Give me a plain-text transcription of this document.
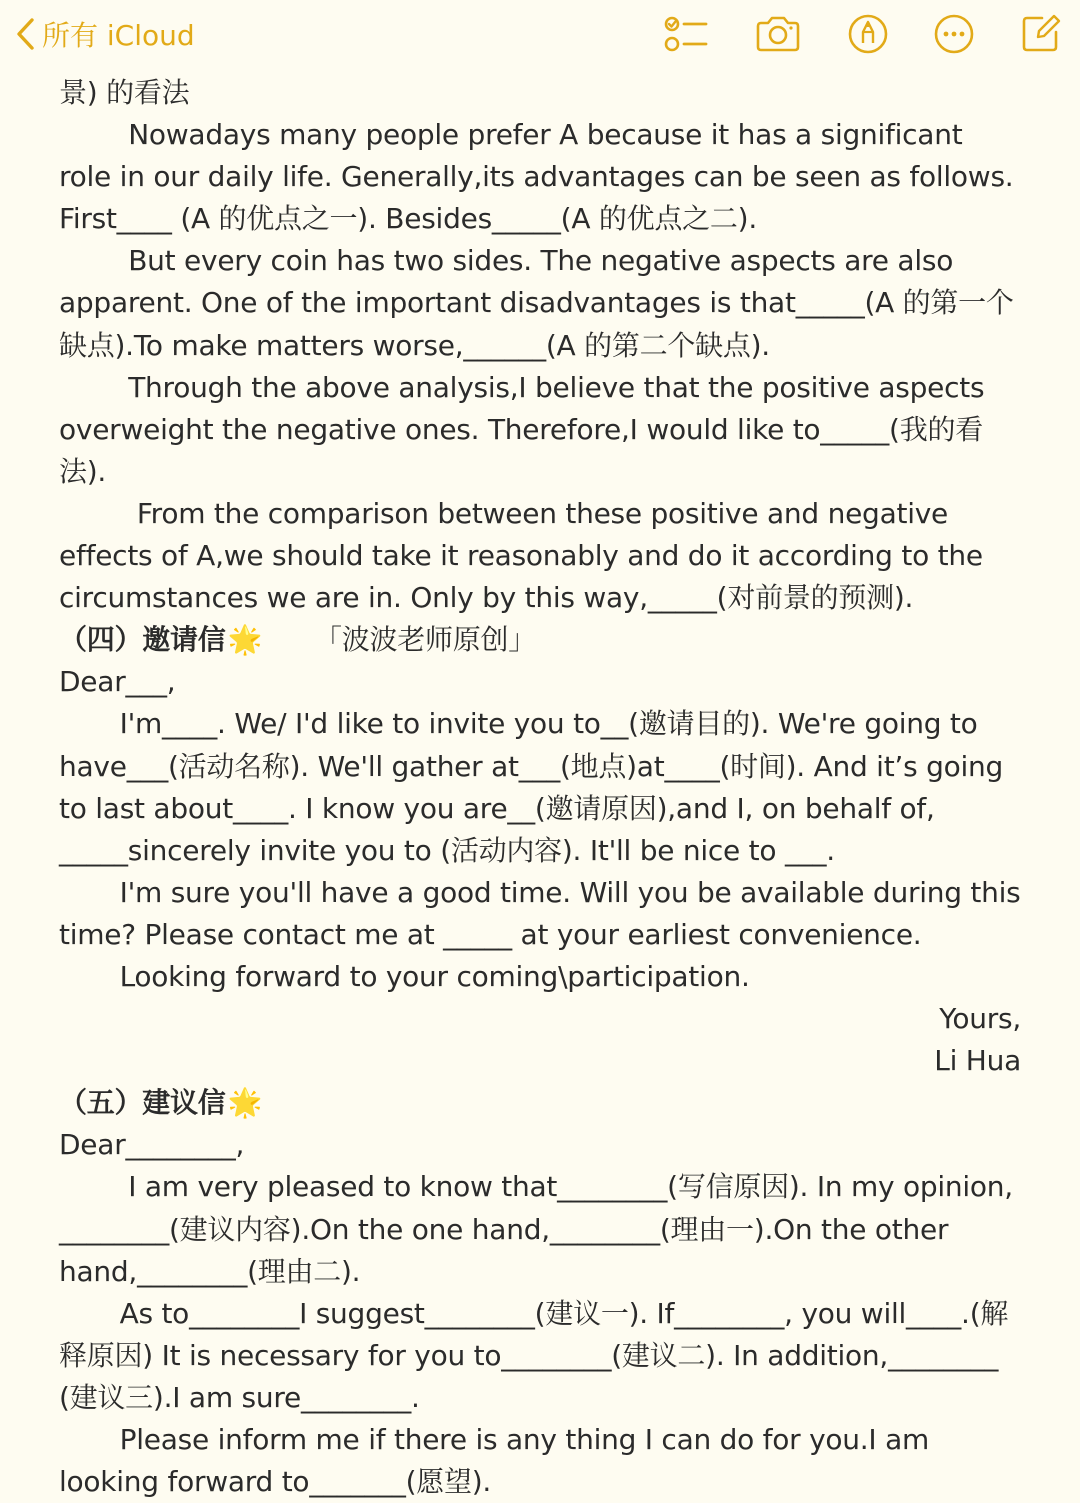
所有 iCloud

景) 的看法

Nowadays many people prefer A because it has a significant role in our daily life. Generally,its advantages can be seen as follows. First____ (A 的优点之一). Besides_____(A 的优点之二).

But every coin has two sides. The negative aspects are also apparent. One of the important disadvantages is that_____(A 的第一个缺点).To make matters worse,______(A 的第二个缺点).

Through the above analysis,I believe that the positive aspects overweight the negative ones. Therefore,I would like to_____(我的看法).

From the comparison between these positive and negative effects of A,we should take it reasonably and do it according to the circumstances we are in. Only by this way,_____(对前景的预测).

（四）邀请信🌟 「波波老师原创」

Dear___,

I'm____. We/ I'd like to invite you to__(邀请目的). We're going to have___(活动名称). We'll gather at___(地点)at____(时间). And it’s going to last about____. I know you are__(邀请原因),and I, on behalf of, _____sincerely invite you to (活动内容). It'll be nice to ___.

I'm sure you'll have a good time. Will you be available during this time? Please contact me at _____ at your earliest convenience.

Looking forward to your coming\participation.

Yours,

Li Hua

（五）建议信🌟

Dear________,

I am very pleased to know that________(写信原因). In my opinion, ________(建议内容).On the one hand,________(理由一).On the other hand,________(理由二).

As to________I suggest________(建议一). If________, you will____.(解释原因) It is necessary for you to________(建议二). In addition,________ (建议三).I am sure________.

Please inform me if there is any thing I can do for you.I am looking forward to_______(愿望).
